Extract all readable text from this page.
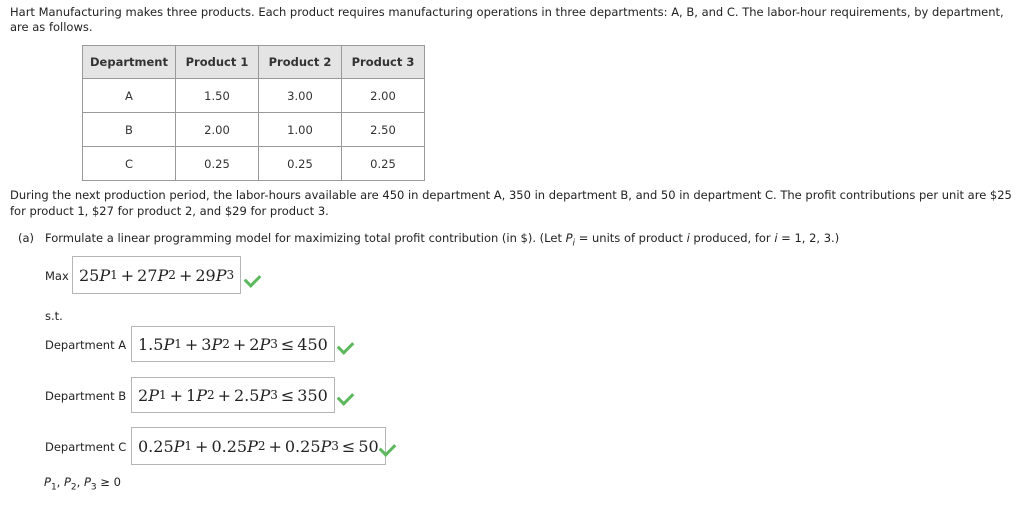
Hart Manufacturing makes three products. Each product requires manufacturing operations in three departments: A, B, and C. The labor-hour requirements, by department, are as follows.
Department	Product 1	Product 2	Product 3
A	1.50	3.00	2.00
B	2.00	1.00	2.50
C	0.25	0.25	0.25
During the next production period, the labor-hours available are 450 in department A, 350 in department B, and 50 in department C. The profit contributions per unit are $25 for product 1, $27 for product 2, and $29 for product 3.
(a) Formulate a linear programming model for maximizing total profit contribution (in $). (Let $P_i$ = units of product i produced, for i = 1, 2, 3.)
Max 25 P 1 + 27 P 2 + 29 P 3
s.t.
Department A 1.5 P 1 + 3 P 2 + 2 P 3 ≤ 450
Department B 2 P 1 + 1 P 2 + 2.5 P 3 ≤ 350
Department C 0.25 P 1 + 0.25 P 2 + 0.25 P 3 ≤ 50
$P_1$, $P_2$, $P_3 \ge 0$
